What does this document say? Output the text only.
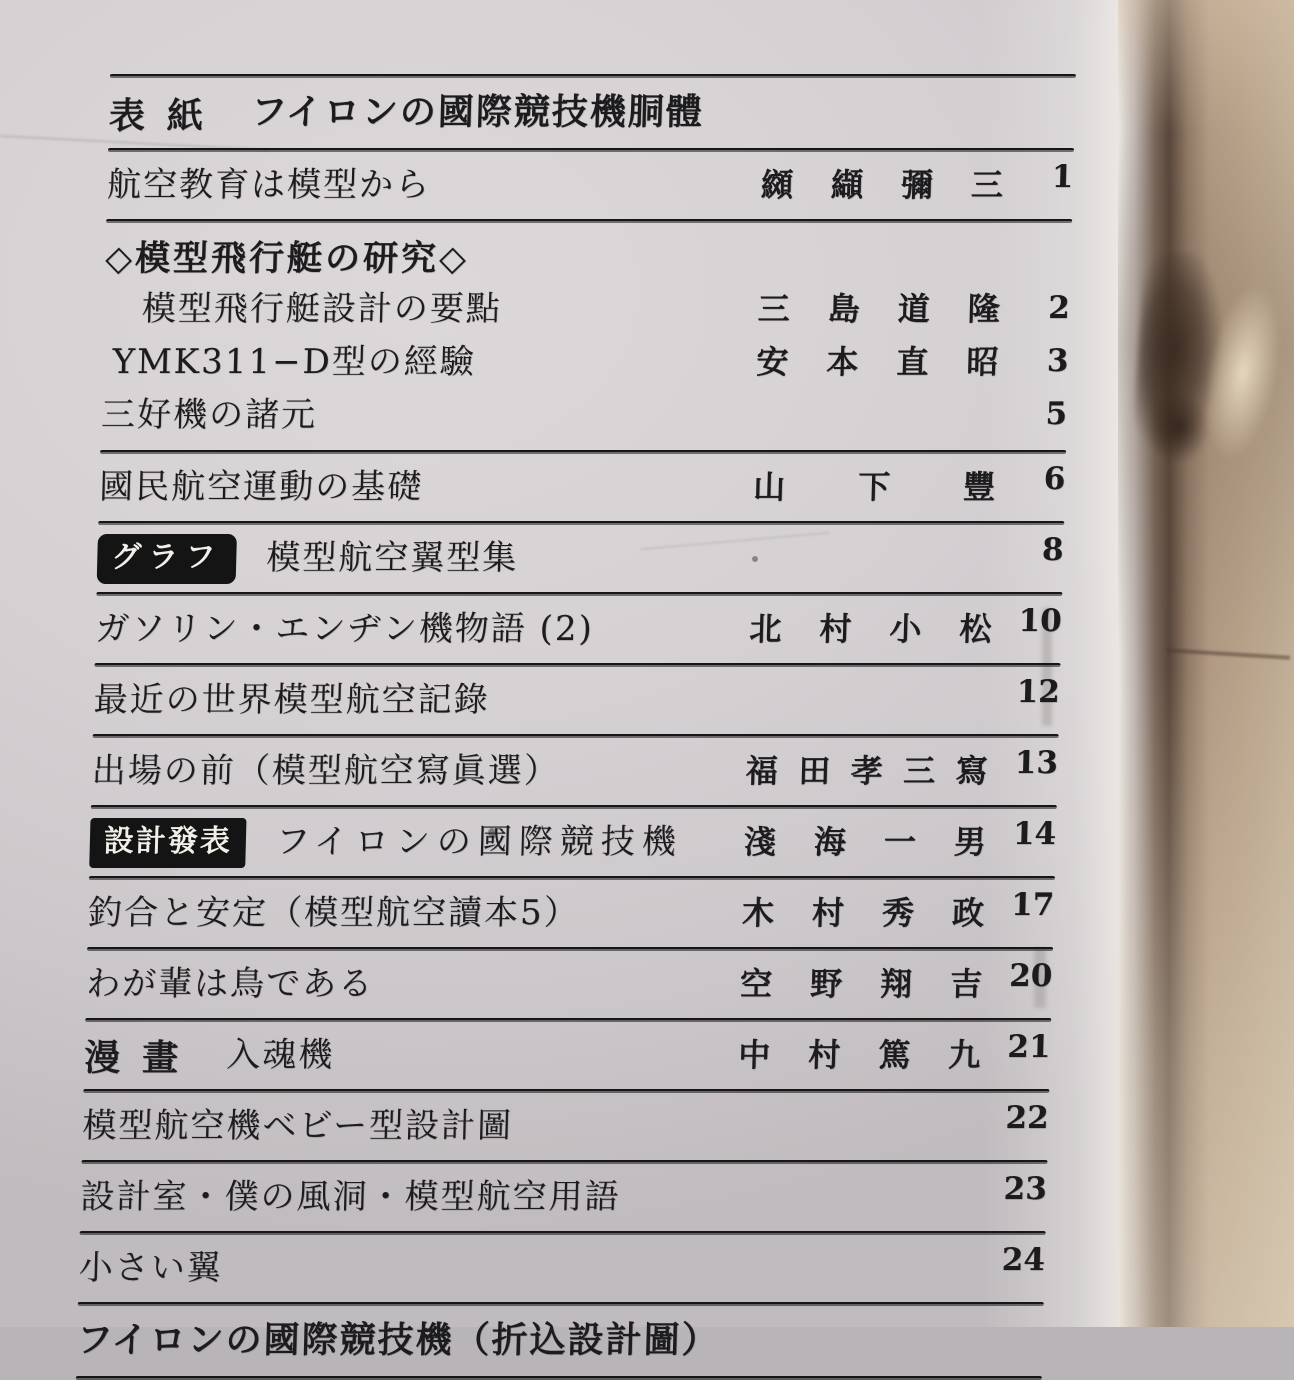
表紙 フイロンの國際競技機胴體
航空教育は模型から	纐纈彌三	1
◇模型飛行艇の研究◇
模型飛行艇設計の要點	三島道隆	2
YMK311−D型の經驗	安本直昭	3
三好機の諸元	5
國民航空運動の基礎	山下豐	6
グラフ	模型航空翼型集	8
ガソリン・エンヂン機物語 (2)	北村小松 10
最近の世界模型航空記錄	12
出場の前（模型航空寫眞選）	福田孝三寫 13
設計發表	フイロンの國際競技機	淺海一男 14
釣合と安定（模型航空讀本5）	木村秀政 17
わが輩は鳥である	空野翔吉 20
漫畫 入魂機	中村篤九 21
模型航空機ベビー型設計圖	22
設計室・僕の風洞・模型航空用語	23
小さい翼	24
フイロンの國際競技機（折込設計圖）
